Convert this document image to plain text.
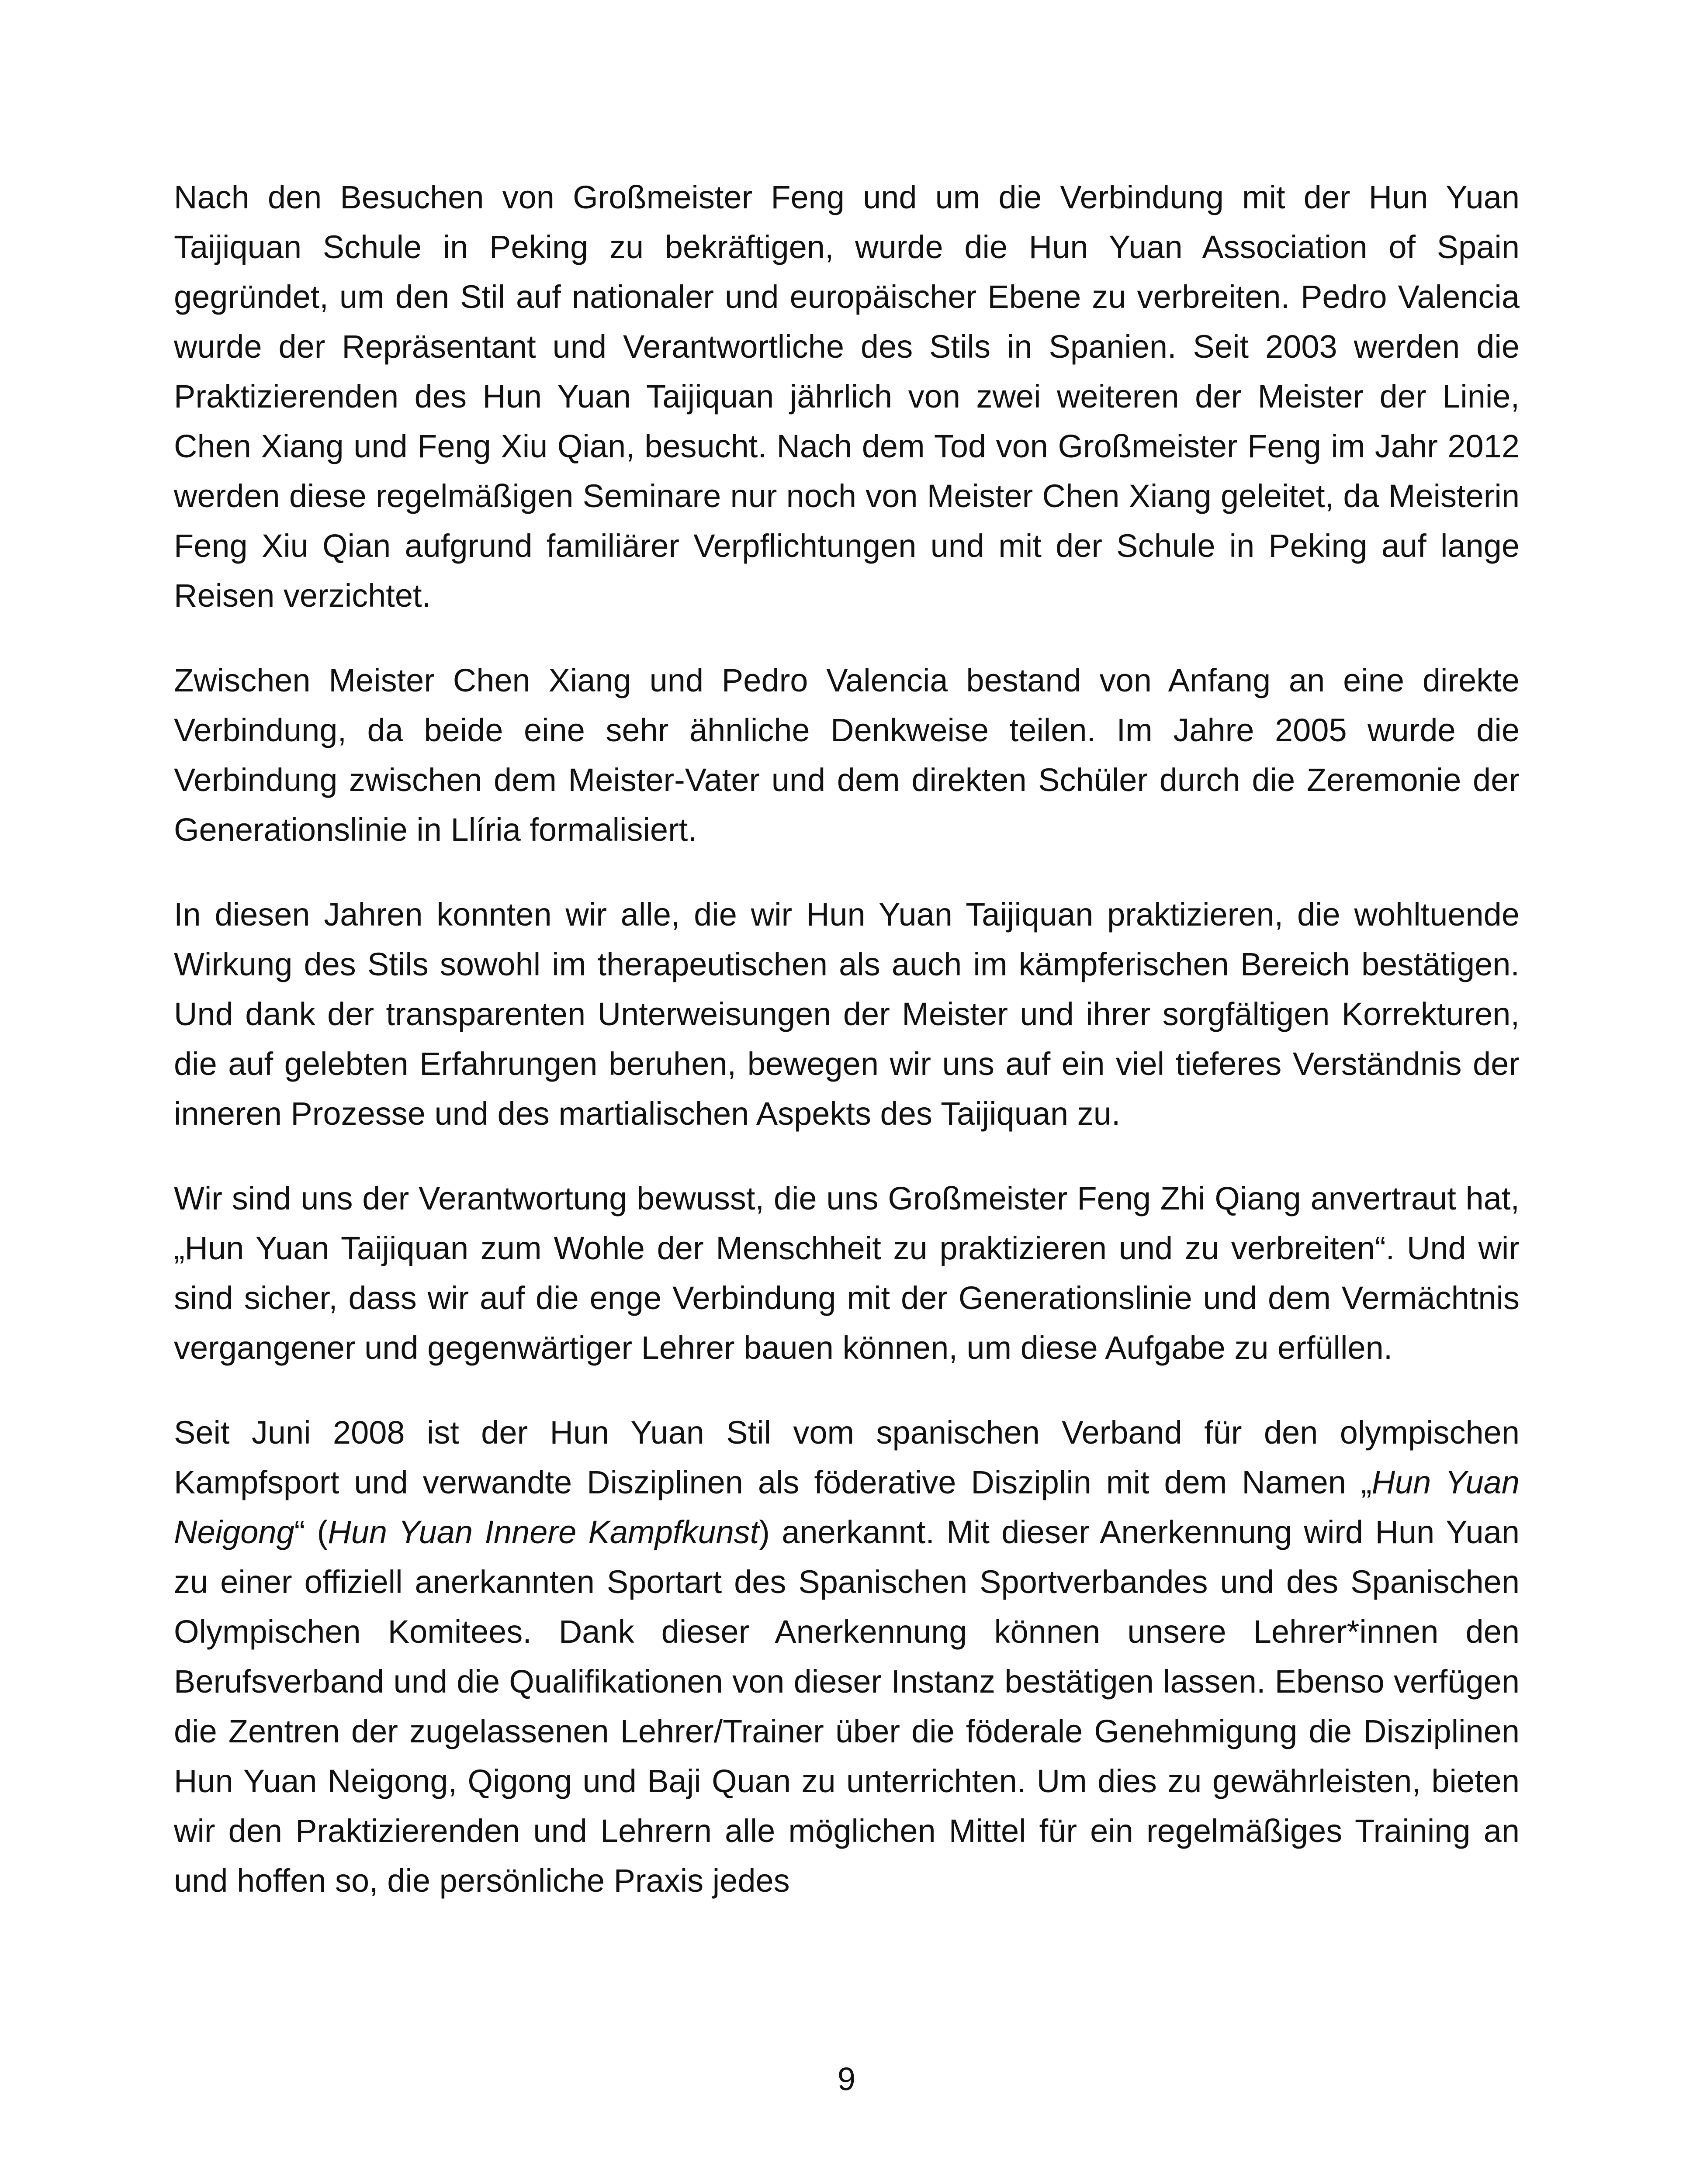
Nach den Besuchen von Großmeister Feng und um die Verbindung mit der Hun Yuan Taijiquan Schule in Peking zu bekräftigen, wurde die Hun Yuan Association of Spain gegründet, um den Stil auf nationaler und europäischer Ebene zu verbreiten. Pedro Valencia wurde der Repräsentant und Verantwortliche des Stils in Spanien. Seit 2003 werden die Praktizierenden des Hun Yuan Taijiquan jährlich von zwei weiteren der Meister der Linie, Chen Xiang und Feng Xiu Qian, besucht. Nach dem Tod von Großmeister Feng im Jahr 2012 werden diese regelmäßigen Seminare nur noch von Meister Chen Xiang geleitet, da Meisterin Feng Xiu Qian aufgrund familiärer Verpflichtungen und mit der Schule in Peking auf lange Reisen verzichtet.

Zwischen Meister Chen Xiang und Pedro Valencia bestand von Anfang an eine direkte Verbindung, da beide eine sehr ähnliche Denkweise teilen. Im Jahre 2005 wurde die Verbindung zwischen dem Meister-Vater und dem direkten Schüler durch die Zeremonie der Generationslinie in Llíria formalisiert.

In diesen Jahren konnten wir alle, die wir Hun Yuan Taijiquan praktizieren, die wohltuende Wirkung des Stils sowohl im therapeutischen als auch im kämpferischen Bereich bestätigen. Und dank der transparenten Unterweisungen der Meister und ihrer sorgfältigen Korrekturen, die auf gelebten Erfahrungen beruhen, bewegen wir uns auf ein viel tieferes Verständnis der inneren Prozesse und des martialischen Aspekts des Taijiquan zu.

Wir sind uns der Verantwortung bewusst, die uns Großmeister Feng Zhi Qiang anvertraut hat, „Hun Yuan Taijiquan zum Wohle der Menschheit zu praktizieren und zu verbreiten“. Und wir sind sicher, dass wir auf die enge Verbindung mit der Generationslinie und dem Vermächtnis vergangener und gegenwärtiger Lehrer bauen können, um diese Aufgabe zu erfüllen.

Seit Juni 2008 ist der Hun Yuan Stil vom spanischen Verband für den olympischen Kampfsport und verwandte Disziplinen als föderative Disziplin mit dem Namen „Hun Yuan Neigong“ (Hun Yuan Innere Kampfkunst) anerkannt. Mit dieser Anerkennung wird Hun Yuan zu einer offiziell anerkannten Sportart des Spanischen Sportverbandes und des Spanischen Olympischen Komitees. Dank dieser Anerkennung können unsere Lehrer*innen den Berufsverband und die Qualifikationen von dieser Instanz bestätigen lassen. Ebenso verfügen die Zentren der zugelassenen Lehrer/Trainer über die föderale Genehmigung die Disziplinen Hun Yuan Neigong, Qigong und Baji Quan zu unterrichten. Um dies zu gewährleisten, bieten wir den Praktizierenden und Lehrern alle möglichen Mittel für ein regelmäßiges Training an und hoffen so, die persönliche Praxis jedes

9
